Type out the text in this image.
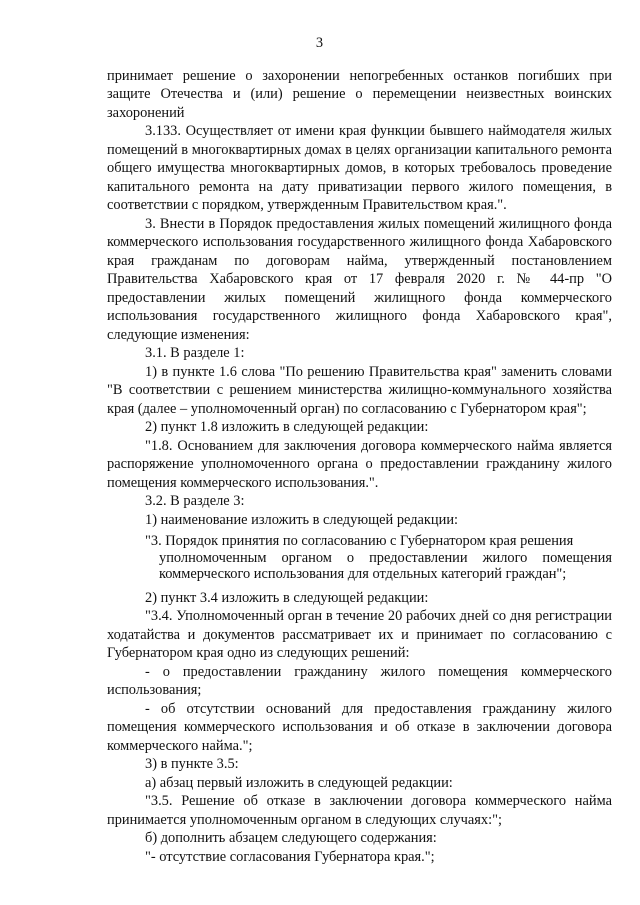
3

принимает решение о захоронении непогребенных останков погибших при защите Отечества и (или) решение о перемещении неизвестных воинских захоронений

3.133. Осуществляет от имени края функции бывшего наймодателя жилых помещений в многоквартирных домах в целях организации капитального ремонта общего имущества многоквартирных домов, в которых требовалось проведение капитального ремонта на дату приватизации первого жилого помещения, в соответствии с порядком, утвержденным Правительством края.".

3. Внести в Порядок предоставления жилых помещений жилищного фонда коммерческого использования государственного жилищного фонда Хабаровского края гражданам по договорам найма, утвержденный постановлением Правительства Хабаровского края от 17 февраля 2020 г. № 44-пр "О предоставлении жилых помещений жилищного фонда коммерческого использования государственного жилищного фонда Хабаровского края", следующие изменения:

3.1. В разделе 1:

1) в пункте 1.6 слова "По решению Правительства края" заменить словами "В соответствии с решением министерства жилищно-коммунального хозяйства края (далее – уполномоченный орган) по согласованию с Губернатором края";

2) пункт 1.8 изложить в следующей редакции:

"1.8. Основанием для заключения договора коммерческого найма является распоряжение уполномоченного органа о предоставлении гражданину жилого помещения коммерческого использования.".

3.2. В разделе 3:

1) наименование изложить в следующей редакции:

"3. Порядок принятия по согласованию с Губернатором края решения
уполномоченным органом о предоставлении жилого помещения коммерческого использования для отдельных категорий граждан";

2) пункт 3.4 изложить в следующей редакции:

"3.4. Уполномоченный орган в течение 20 рабочих дней со дня регистрации ходатайства и документов рассматривает их и принимает по согласованию с Губернатором края одно из следующих решений:

- о предоставлении гражданину жилого помещения коммерческого использования;

- об отсутствии оснований для предоставления гражданину жилого помещения коммерческого использования и об отказе в заключении договора коммерческого найма.";

3) в пункте 3.5:

а) абзац первый изложить в следующей редакции:

"3.5. Решение об отказе в заключении договора коммерческого найма принимается уполномоченным органом в следующих случаях:";

б) дополнить абзацем следующего содержания:

"- отсутствие согласования Губернатора края.";
